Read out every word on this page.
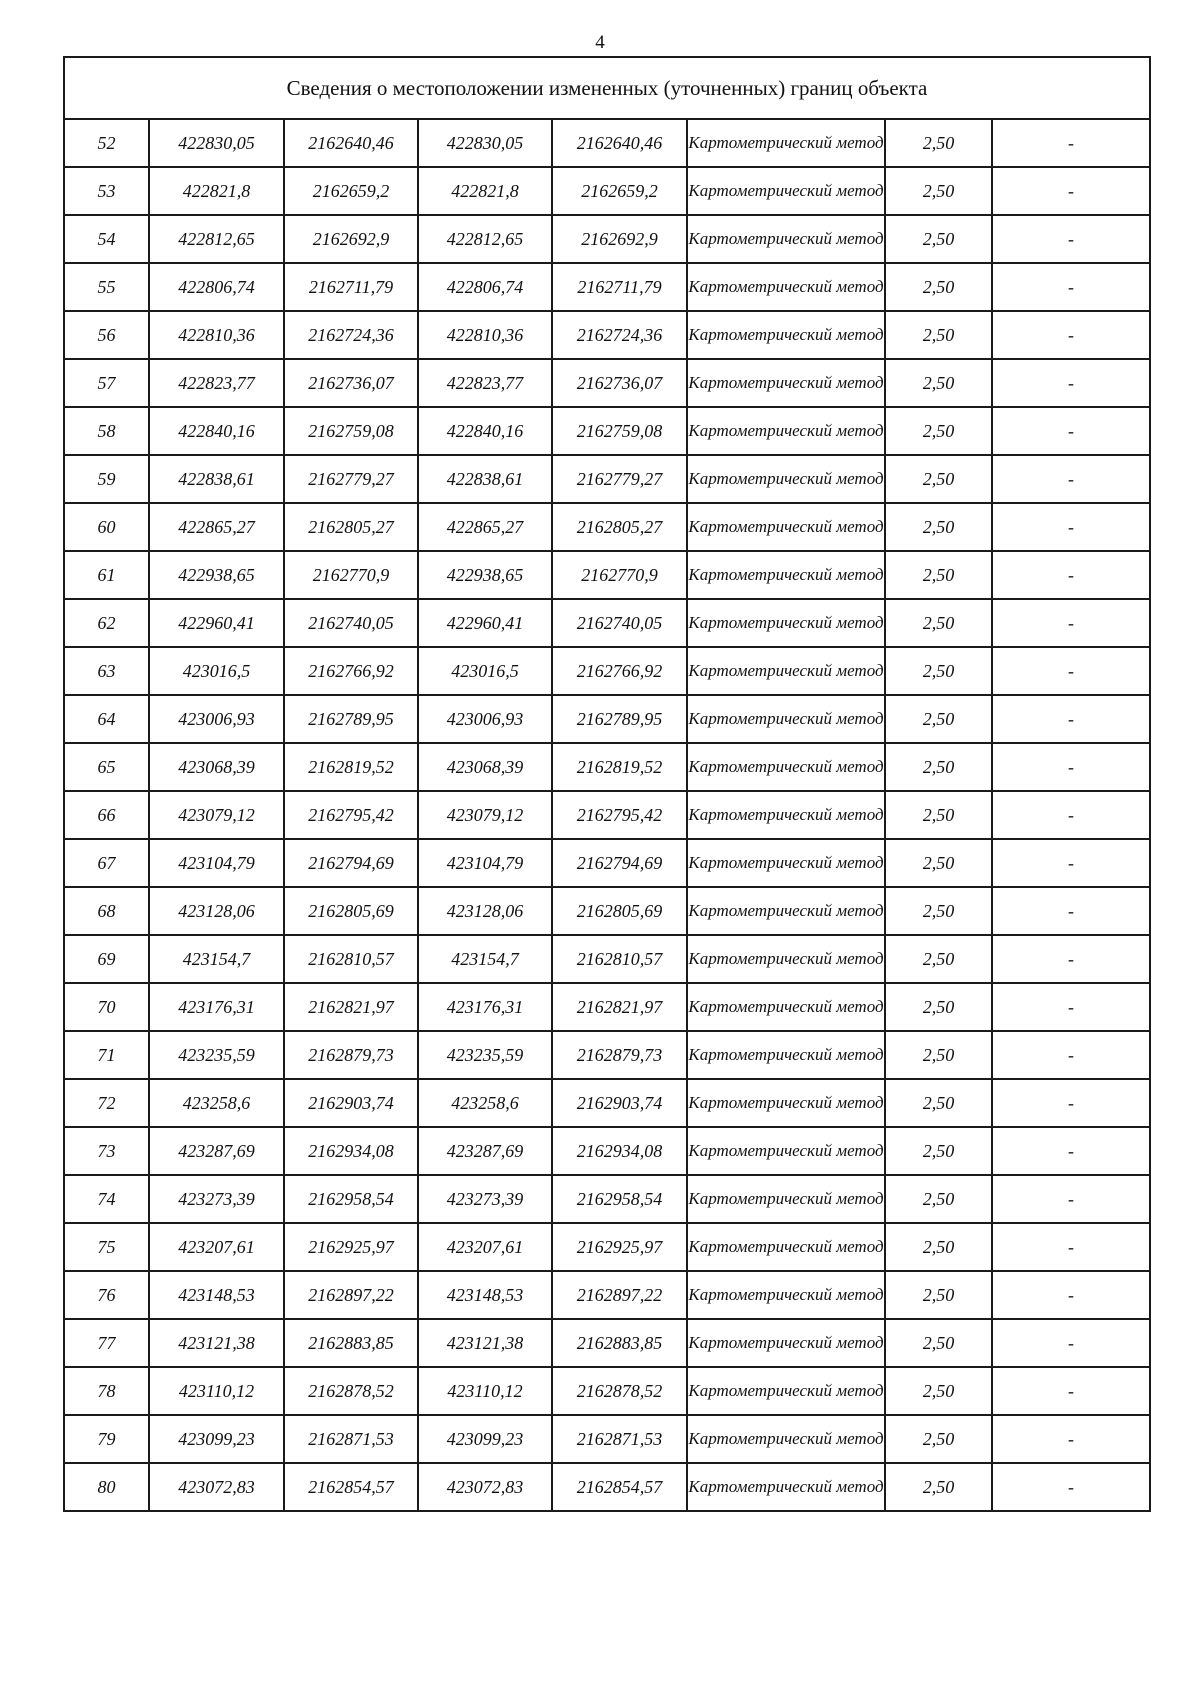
4
Сведения о местоположении измененных (уточненных) границ объекта							
52	422830,05	2162640,46	422830,05	2162640,46	Картометрический метод	2,50	-
53	422821,8	2162659,2	422821,8	2162659,2	Картометрический метод	2,50	-
54	422812,65	2162692,9	422812,65	2162692,9	Картометрический метод	2,50	-
55	422806,74	2162711,79	422806,74	2162711,79	Картометрический метод	2,50	-
56	422810,36	2162724,36	422810,36	2162724,36	Картометрический метод	2,50	-
57	422823,77	2162736,07	422823,77	2162736,07	Картометрический метод	2,50	-
58	422840,16	2162759,08	422840,16	2162759,08	Картометрический метод	2,50	-
59	422838,61	2162779,27	422838,61	2162779,27	Картометрический метод	2,50	-
60	422865,27	2162805,27	422865,27	2162805,27	Картометрический метод	2,50	-
61	422938,65	2162770,9	422938,65	2162770,9	Картометрический метод	2,50	-
62	422960,41	2162740,05	422960,41	2162740,05	Картометрический метод	2,50	-
63	423016,5	2162766,92	423016,5	2162766,92	Картометрический метод	2,50	-
64	423006,93	2162789,95	423006,93	2162789,95	Картометрический метод	2,50	-
65	423068,39	2162819,52	423068,39	2162819,52	Картометрический метод	2,50	-
66	423079,12	2162795,42	423079,12	2162795,42	Картометрический метод	2,50	-
67	423104,79	2162794,69	423104,79	2162794,69	Картометрический метод	2,50	-
68	423128,06	2162805,69	423128,06	2162805,69	Картометрический метод	2,50	-
69	423154,7	2162810,57	423154,7	2162810,57	Картометрический метод	2,50	-
70	423176,31	2162821,97	423176,31	2162821,97	Картометрический метод	2,50	-
71	423235,59	2162879,73	423235,59	2162879,73	Картометрический метод	2,50	-
72	423258,6	2162903,74	423258,6	2162903,74	Картометрический метод	2,50	-
73	423287,69	2162934,08	423287,69	2162934,08	Картометрический метод	2,50	-
74	423273,39	2162958,54	423273,39	2162958,54	Картометрический метод	2,50	-
75	423207,61	2162925,97	423207,61	2162925,97	Картометрический метод	2,50	-
76	423148,53	2162897,22	423148,53	2162897,22	Картометрический метод	2,50	-
77	423121,38	2162883,85	423121,38	2162883,85	Картометрический метод	2,50	-
78	423110,12	2162878,52	423110,12	2162878,52	Картометрический метод	2,50	-
79	423099,23	2162871,53	423099,23	2162871,53	Картометрический метод	2,50	-
80	423072,83	2162854,57	423072,83	2162854,57	Картометрический метод	2,50	-
